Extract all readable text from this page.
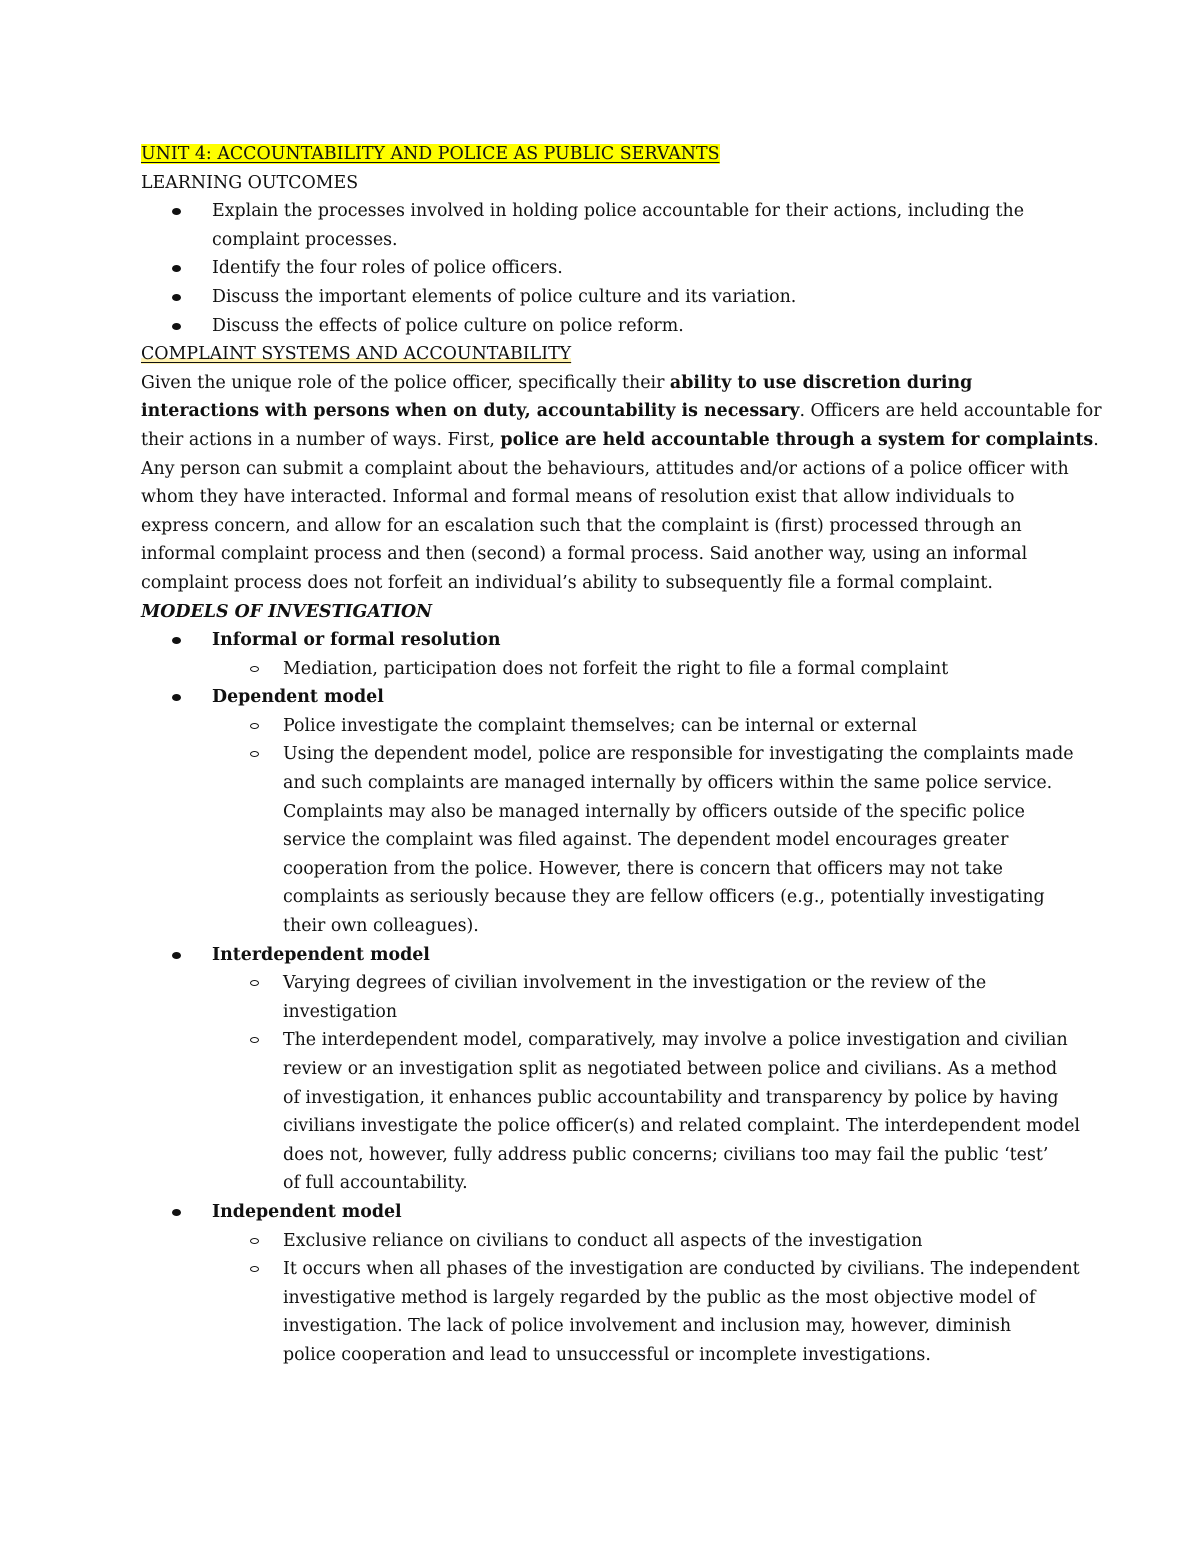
UNIT 4: ACCOUNTABILITY AND POLICE AS PUBLIC SERVANTS
LEARNING OUTCOMES
Explain the processes involved in holding police accountable for their actions, including the
complaint processes.
Identify the four roles of police officers.
Discuss the important elements of police culture and its variation.
Discuss the effects of police culture on police reform.
COMPLAINT SYSTEMS AND ACCOUNTABILITY
Given the unique role of the police officer, specifically their ability to use discretion during
interactions with persons when on duty, accountability is necessary. Officers are held accountable for
their actions in a number of ways. First, police are held accountable through a system for complaints.
Any person can submit a complaint about the behaviours, attitudes and/or actions of a police officer with
whom they have interacted. Informal and formal means of resolution exist that allow individuals to
express concern, and allow for an escalation such that the complaint is (first) processed through an
informal complaint process and then (second) a formal process. Said another way, using an informal
complaint process does not forfeit an individual’s ability to subsequently file a formal complaint.
MODELS OF INVESTIGATION
Informal or formal resolution
Mediation, participation does not forfeit the right to file a formal complaint
Dependent model
Police investigate the complaint themselves; can be internal or external
Using the dependent model, police are responsible for investigating the complaints made
and such complaints are managed internally by officers within the same police service.
Complaints may also be managed internally by officers outside of the specific police
service the complaint was filed against. The dependent model encourages greater
cooperation from the police. However, there is concern that officers may not take
complaints as seriously because they are fellow officers (e.g., potentially investigating
their own colleagues).
Interdependent model
Varying degrees of civilian involvement in the investigation or the review of the
investigation
The interdependent model, comparatively, may involve a police investigation and civilian
review or an investigation split as negotiated between police and civilians. As a method
of investigation, it enhances public accountability and transparency by police by having
civilians investigate the police officer(s) and related complaint. The interdependent model
does not, however, fully address public concerns; civilians too may fail the public ‘test’
of full accountability.
Independent model
Exclusive reliance on civilians to conduct all aspects of the investigation
It occurs when all phases of the investigation are conducted by civilians. The independent
investigative method is largely regarded by the public as the most objective model of
investigation. The lack of police involvement and inclusion may, however, diminish
police cooperation and lead to unsuccessful or incomplete investigations.
